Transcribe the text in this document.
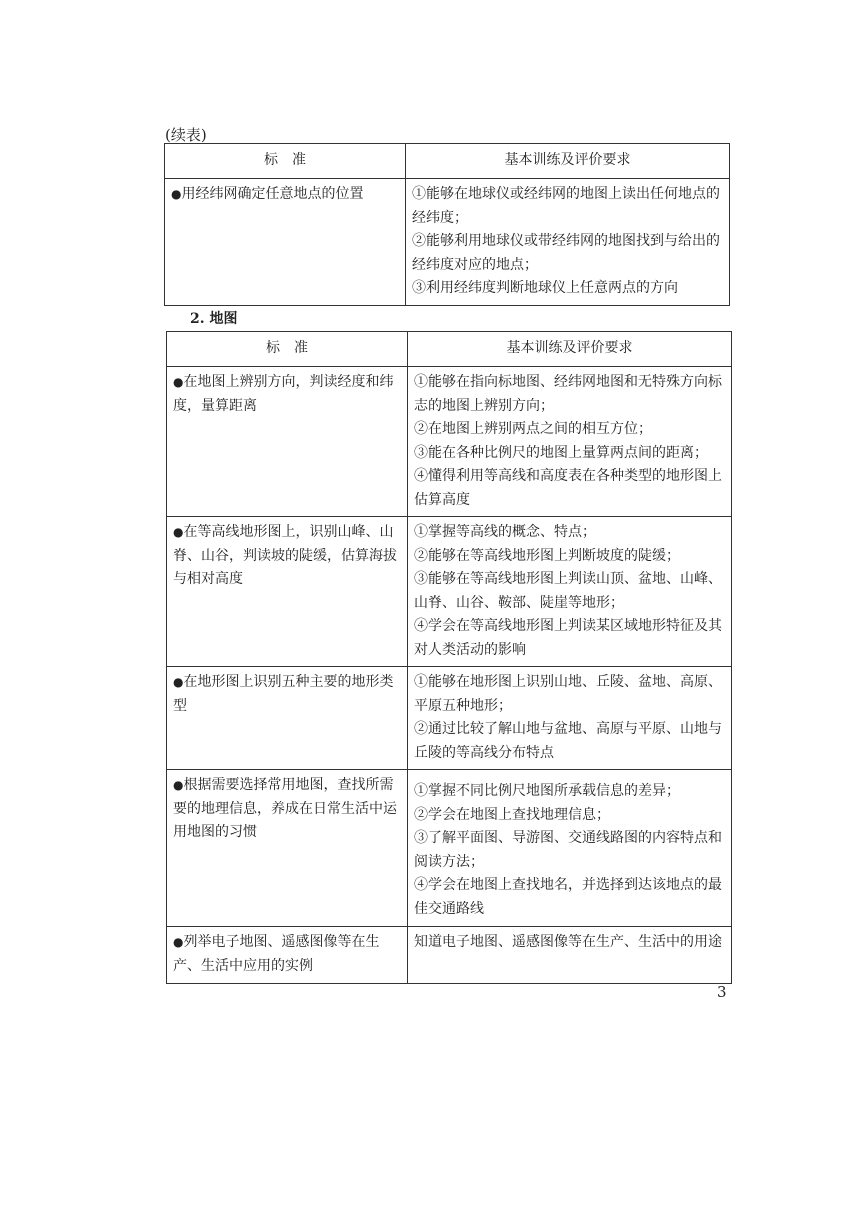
(续表)
标　准	基本训练及评价要求
● 用经纬网确定任意地点的位置	①能够在地球仪或经纬网的地图上读出任何地点的经纬度；
②能够利用地球仪或带经纬网的地图找到与给出的经纬度对应的地点；
③利用经纬度判断地球仪上任意两点的方向
2. 地图
标　准	基本训练及评价要求
● 在地图上辨别方向，判读经度和纬度，量算距离	①能够在指向标地图、经纬网地图和无特殊方向标志的地图上辨别方向；
②在地图上辨别两点之间的相互方位；
③能在各种比例尺的地图上量算两点间的距离；
④懂得利用等高线和高度表在各种类型的地形图上估算高度

● 在等高线地形图上，识别山峰、山脊、山谷，判读坡的陡缓，估算海拔与相对高度	①掌握等高线的概念、特点；
②能够在等高线地形图上判断坡度的陡缓；
③能够在等高线地形图上判读山顶、盆地、山峰、山脊、山谷、鞍部、陡崖等地形；
④学会在等高线地形图上判读某区域地形特征及其对人类活动的影响

● 在地形图上识别五种主要的地形类型	①能够在地形图上识别山地、丘陵、盆地、高原、平原五种地形；
②通过比较了解山地与盆地、高原与平原、山地与丘陵的等高线分布特点

● 根据需要选择常用地图，查找所需要的地理信息，养成在日常生活中运用地图的习惯	①掌握不同比例尺地图所承载信息的差异；
②学会在地图上查找地理信息；
③了解平面图、导游图、交通线路图的内容特点和阅读方法；
④学会在地图上查找地名，并选择到达该地点的最佳交通路线

● 列举电子地图、遥感图像等在生产、生活中应用的实例	知道电子地图、遥感图像等在生产、生活中的用途
3
